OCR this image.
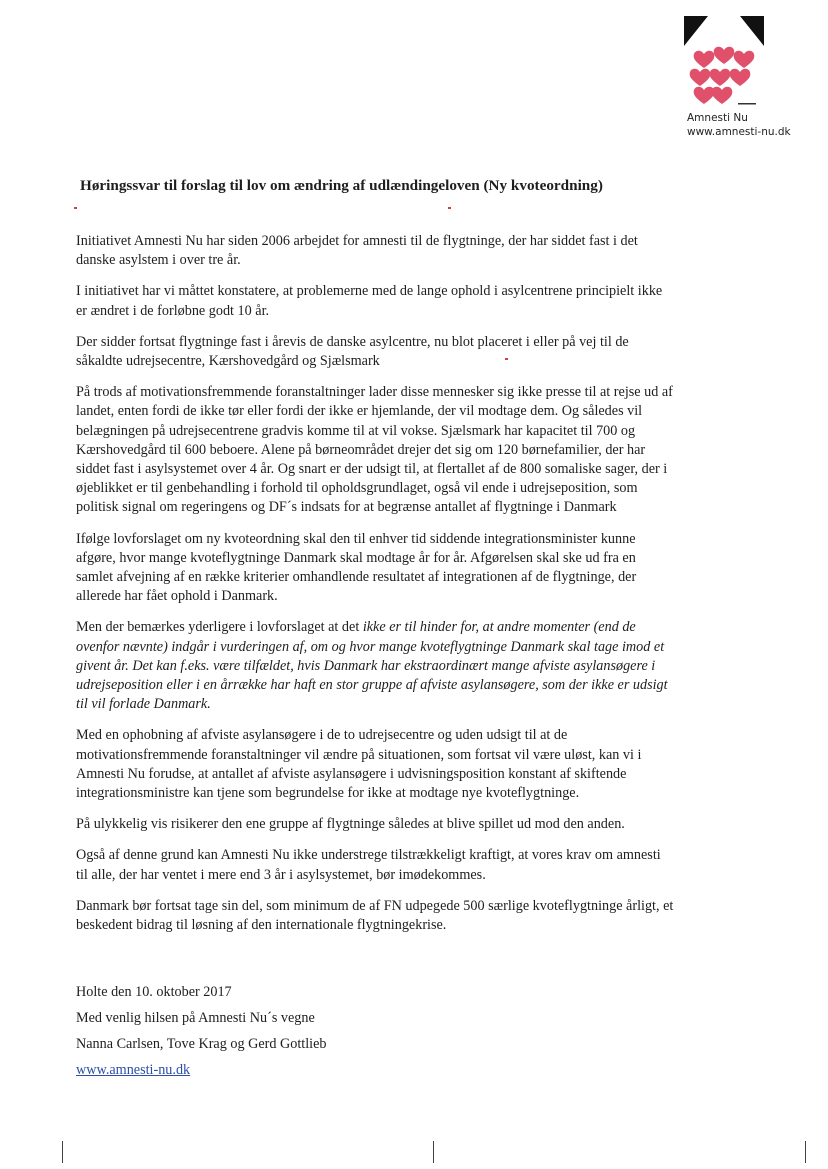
Amnesti Nu
www.amnesti-nu.dk
Høringssvar til forslag til lov om ændring af udlændingeloven (Ny kvoteordning)

Initiativet Amnesti Nu har siden 2006 arbejdet for amnesti til de flygtninge, der har siddet fast i det danske asylstem i over tre år.

I initiativet har vi måttet konstatere, at problemerne med de lange ophold i asylcentrene principielt ikke er ændret i de forløbne godt 10 år.

Der sidder fortsat flygtninge fast i årevis de danske asylcentre, nu blot placeret i eller på vej til de såkaldte udrejsecentre, Kærshovedgård og Sjælsmark

På trods af motivationsfremmende foranstaltninger lader disse mennesker sig ikke presse til at rejse ud af landet, enten fordi de ikke tør eller fordi der ikke er hjemlande, der vil modtage dem. Og således vil belægningen på udrejsecentrene gradvis komme til at vil vokse. Sjælsmark har kapacitet til 700 og Kærshovedgård til 600 beboere. Alene på børneområdet drejer det sig om 120 børnefamilier, der har siddet fast i asylsystemet over 4 år. Og snart er der udsigt til, at flertallet af de 800 somaliske sager, der i øjeblikket er til genbehandling i forhold til opholdsgrundlaget, også vil ende i udrejseposition, som politisk signal om regeringens og DF´s indsats for at begrænse antallet af flygtninge i Danmark

Ifølge lovforslaget om ny kvoteordning skal den til enhver tid siddende integrationsminister kunne afgøre, hvor mange kvoteflygtninge Danmark skal modtage år for år. Afgørelsen skal ske ud fra en samlet afvejning af en række kriterier omhandlende resultatet af integrationen af de flygtninge, der allerede har fået ophold i Danmark.

Men der bemærkes yderligere i lovforslaget at det ikke er til hinder for, at andre momenter (end de ovenfor nævnte) indgår i vurderingen af, om og hvor mange kvoteflygtninge Danmark skal tage imod et givent år. Det kan f.eks. være tilfældet, hvis Danmark har ekstraordinært mange afviste asylansøgere i udrejseposition eller i en årrække har haft en stor gruppe af afviste asylansøgere, som der ikke er udsigt til vil forlade Danmark.

Med en ophobning af afviste asylansøgere i de to udrejsecentre og uden udsigt til at de motivationsfremmende foranstaltninger vil ændre på situationen, som fortsat vil være uløst, kan vi i Amnesti Nu forudse, at antallet af afviste asylansøgere i udvisningsposition konstant af skiftende integrationsministre kan tjene som begrundelse for ikke at modtage nye kvoteflygtninge.

På ulykkelig vis risikerer den ene gruppe af flygtninge således at blive spillet ud mod den anden.

Også af denne grund kan Amnesti Nu ikke understrege tilstrækkeligt kraftigt, at vores krav om amnesti til alle, der har ventet i mere end 3 år i asylsystemet, bør imødekommes.

Danmark bør fortsat tage sin del, som minimum de af FN udpegede 500 særlige kvoteflygtninge årligt, et beskedent bidrag til løsning af den internationale flygtningekrise.

Holte den 10. oktober 2017
Med venlig hilsen på Amnesti Nu´s vegne
Nanna Carlsen, Tove Krag og Gerd Gottlieb
www.amnesti-nu.dk
